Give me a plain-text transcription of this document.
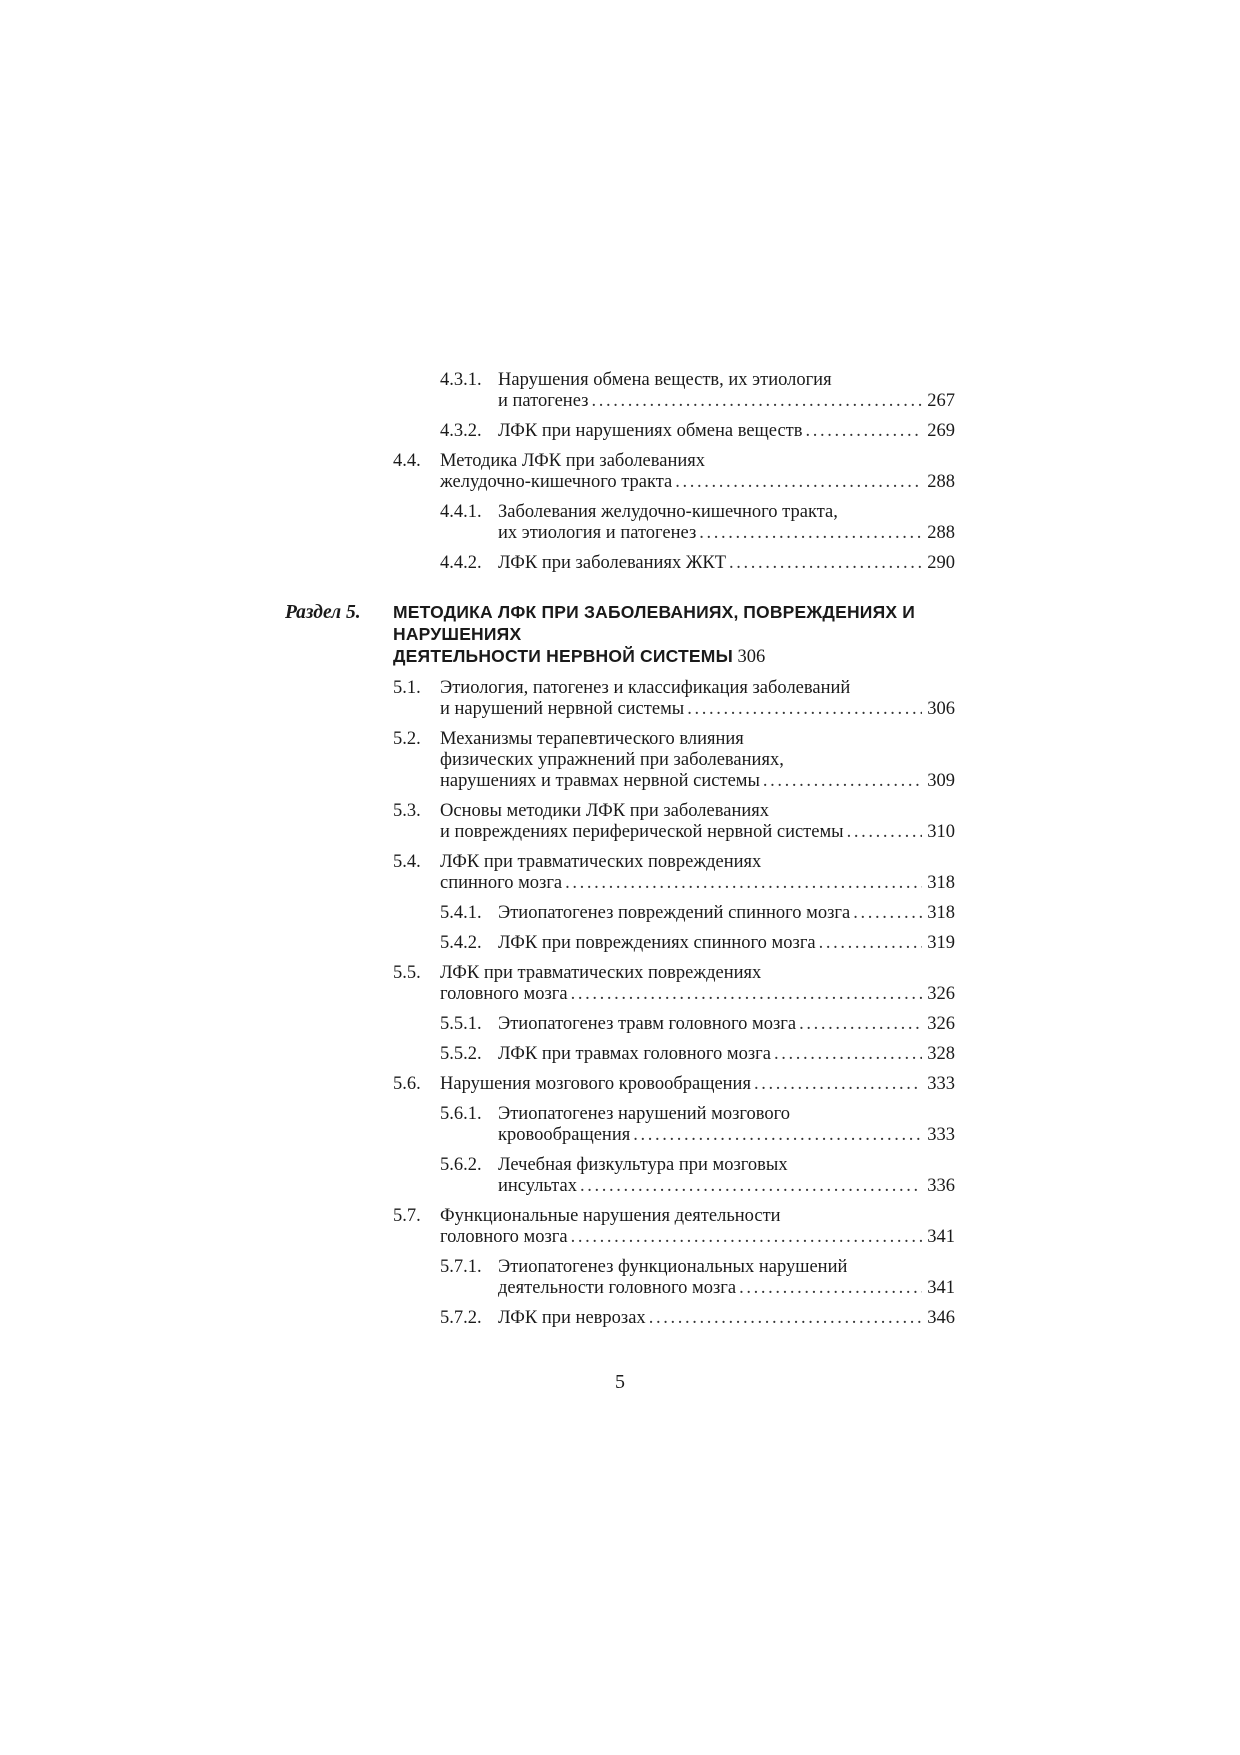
4.3.1. Нарушения обмена веществ, их этиология
и патогенез . . .	267
4.3.2. ЛФК при нарушениях обмена веществ . . .	269
4.4. Методика ЛФК при заболеваниях
желудочно-кишечного тракта . . .	288
4.4.1. Заболевания желудочно-кишечного тракта,
их этиология и патогенез . . .	288
4.4.2. ЛФК при заболеваниях ЖКТ . . .	290
Раздел 5. МЕТОДИКА ЛФК ПРИ ЗАБОЛЕВАНИЯХ, ПОВРЕЖДЕНИЯХ И НАРУШЕНИЯХ
ДЕЯТЕЛЬНОСТИ НЕРВНОЙ СИСТЕМЫ 306
5.1. Этиология, патогенез и классификация заболеваний
и нарушений нервной системы . . .	306
5.2. Механизмы терапевтического влияния
физических упражнений при заболеваниях,
нарушениях и травмах нервной системы . . .	309
5.3. Основы методики ЛФК при заболеваниях
и повреждениях периферической нервной системы . . .	310
5.4. ЛФК при травматических повреждениях
спинного мозга . . .	318
5.4.1. Этиопатогенез повреждений спинного мозга . . .	318
5.4.2. ЛФК при повреждениях спинного мозга . . .	319
5.5. ЛФК при травматических повреждениях
головного мозга . . .	326
5.5.1. Этиопатогенез травм головного мозга . . .	326
5.5.2. ЛФК при травмах головного мозга . . .	328
5.6. Нарушения мозгового кровообращения . . .	333
5.6.1. Этиопатогенез нарушений мозгового
кровообращения . . .	333
5.6.2. Лечебная физкультура при мозговых
инсультах . . .	336
5.7. Функциональные нарушения деятельности
головного мозга . . .	341
5.7.1. Этиопатогенез функциональных нарушений
деятельности головного мозга . . .	341
5.7.2. ЛФК при неврозах . . .	346
5
